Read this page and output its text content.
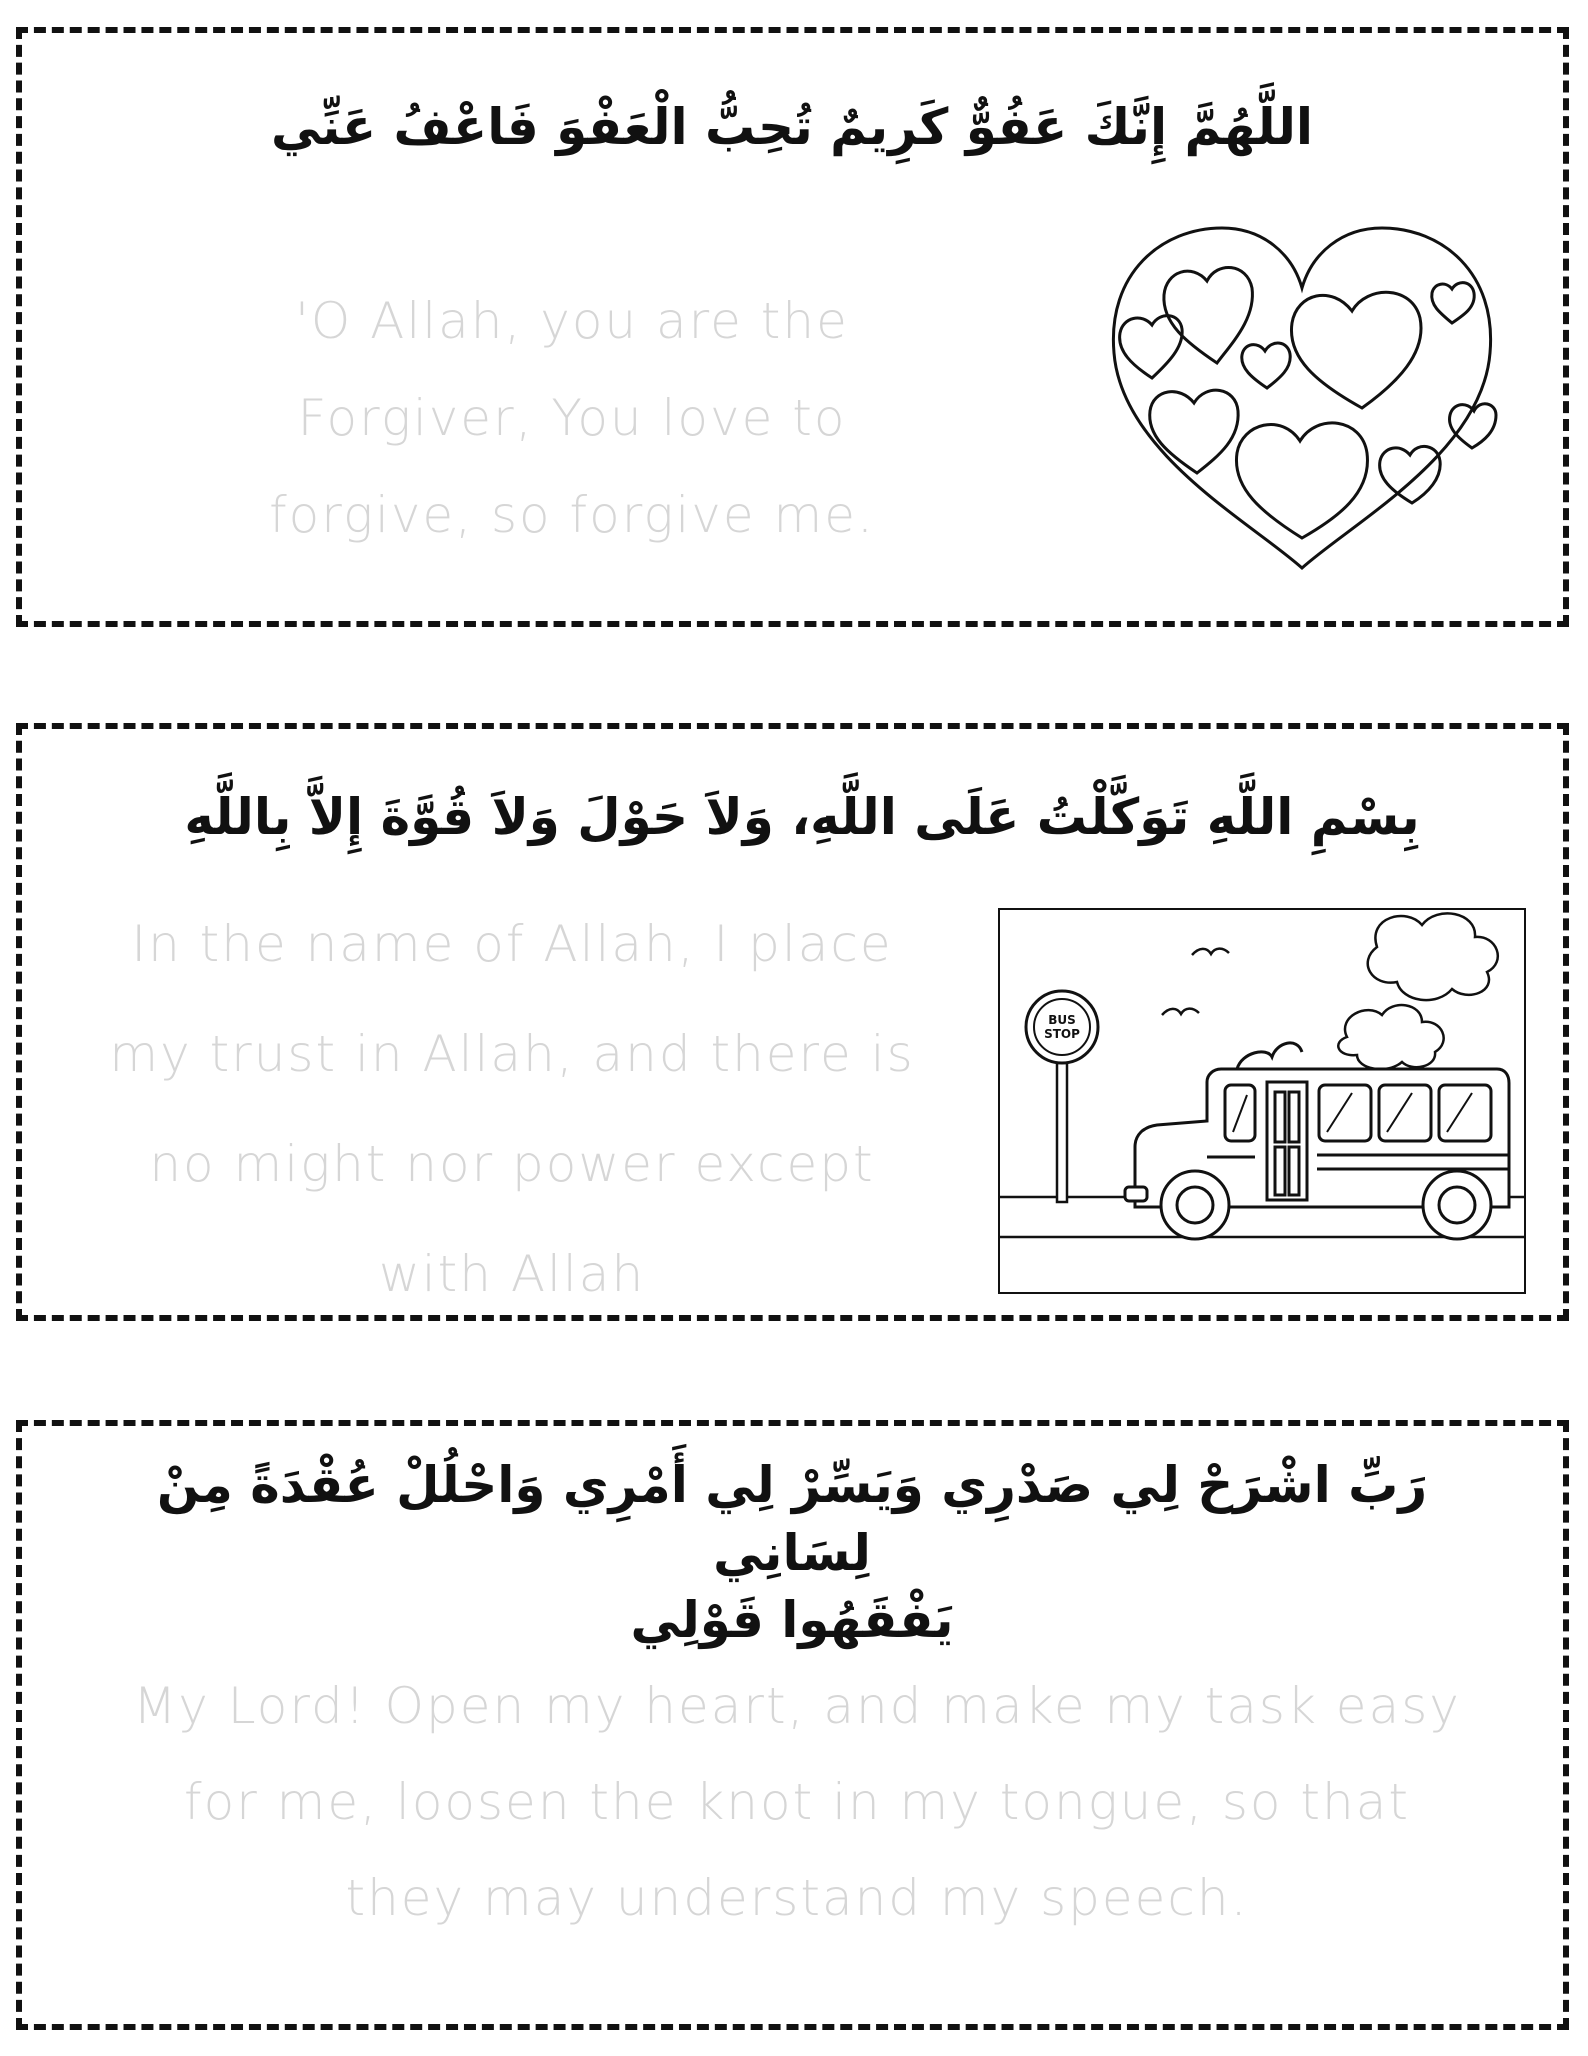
اللَّهُمَّ إِنَّكَ عَفُوٌّ كَرِيمٌ تُحِبُّ الْعَفْوَ فَاعْفُ عَنِّي
'O Allah, you are the
Forgiver, You love to
forgive, so forgive me.
بِسْمِ اللَّهِ تَوَكَّلْتُ عَلَى اللَّهِ، وَلاَ حَوْلَ وَلاَ قُوَّةَ إِلاَّ بِاللَّهِ
In the name of Allah, I place
my trust in Allah, and there is
no might nor power except
with Allah
BUS
STOP
رَبِّ اشْرَحْ لِي صَدْرِي وَيَسِّرْ لِي أَمْرِي وَاحْلُلْ عُقْدَةً مِنْ لِسَانِي
يَفْقَهُوا قَوْلِي
My Lord! Open my heart, and make my task easy
for me, loosen the knot in my tongue, so that
they may understand my speech.
